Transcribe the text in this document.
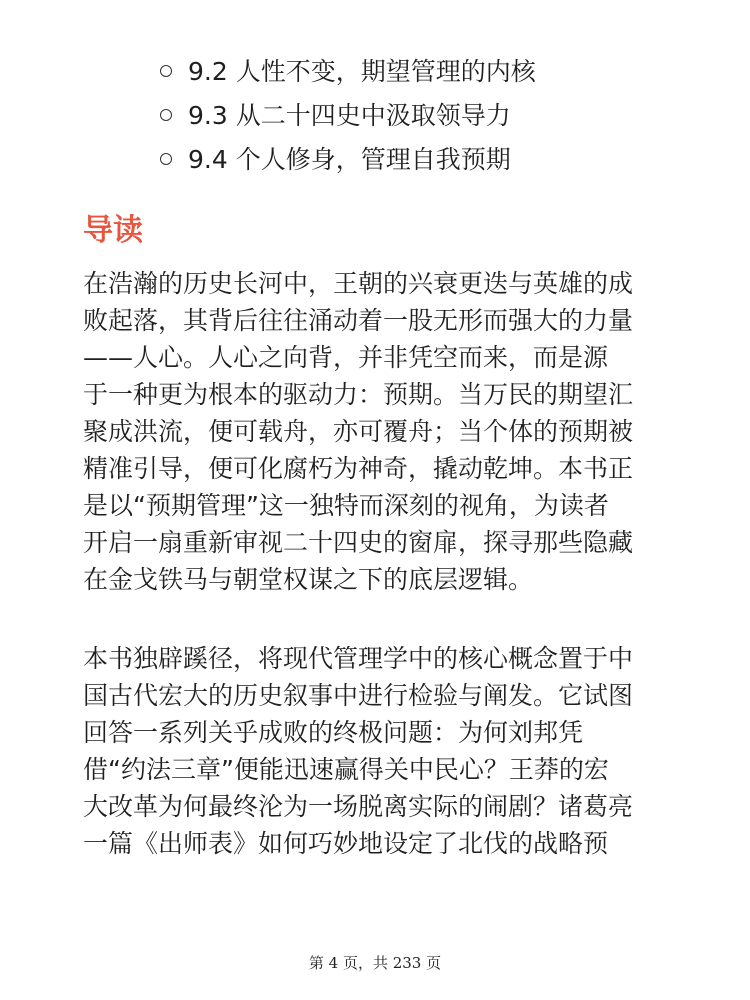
9.2 人性不变，期望管理的内核
9.3 从二十四史中汲取领导力
9.4 个人修身，管理自我预期
导读

在浩瀚的历史长河中，王朝的兴衰更迭与英雄的成
败起落，其背后往往涌动着一股无形而强大的力量
——人心。人心之向背，并非凭空而来，而是源
于一种更为根本的驱动力：预期。当万民的期望汇
聚成洪流，便可载舟，亦可覆舟；当个体的预期被
精准引导，便可化腐朽为神奇，撬动乾坤。本书正
是以“预期管理”这一独特而深刻的视角，为读者
开启一扇重新审视二十四史的窗扉，探寻那些隐藏
在金戈铁马与朝堂权谋之下的底层逻辑。

本书独辟蹊径，将现代管理学中的核心概念置于中
国古代宏大的历史叙事中进行检验与阐发。它试图
回答一系列关乎成败的终极问题：为何刘邦凭
借“约法三章”便能迅速赢得关中民心？王莽的宏
大改革为何最终沦为一场脱离实际的闹剧？诸葛亮
一篇《出师表》如何巧妙地设定了北伐的战略预

第 4 页，共 233 页
